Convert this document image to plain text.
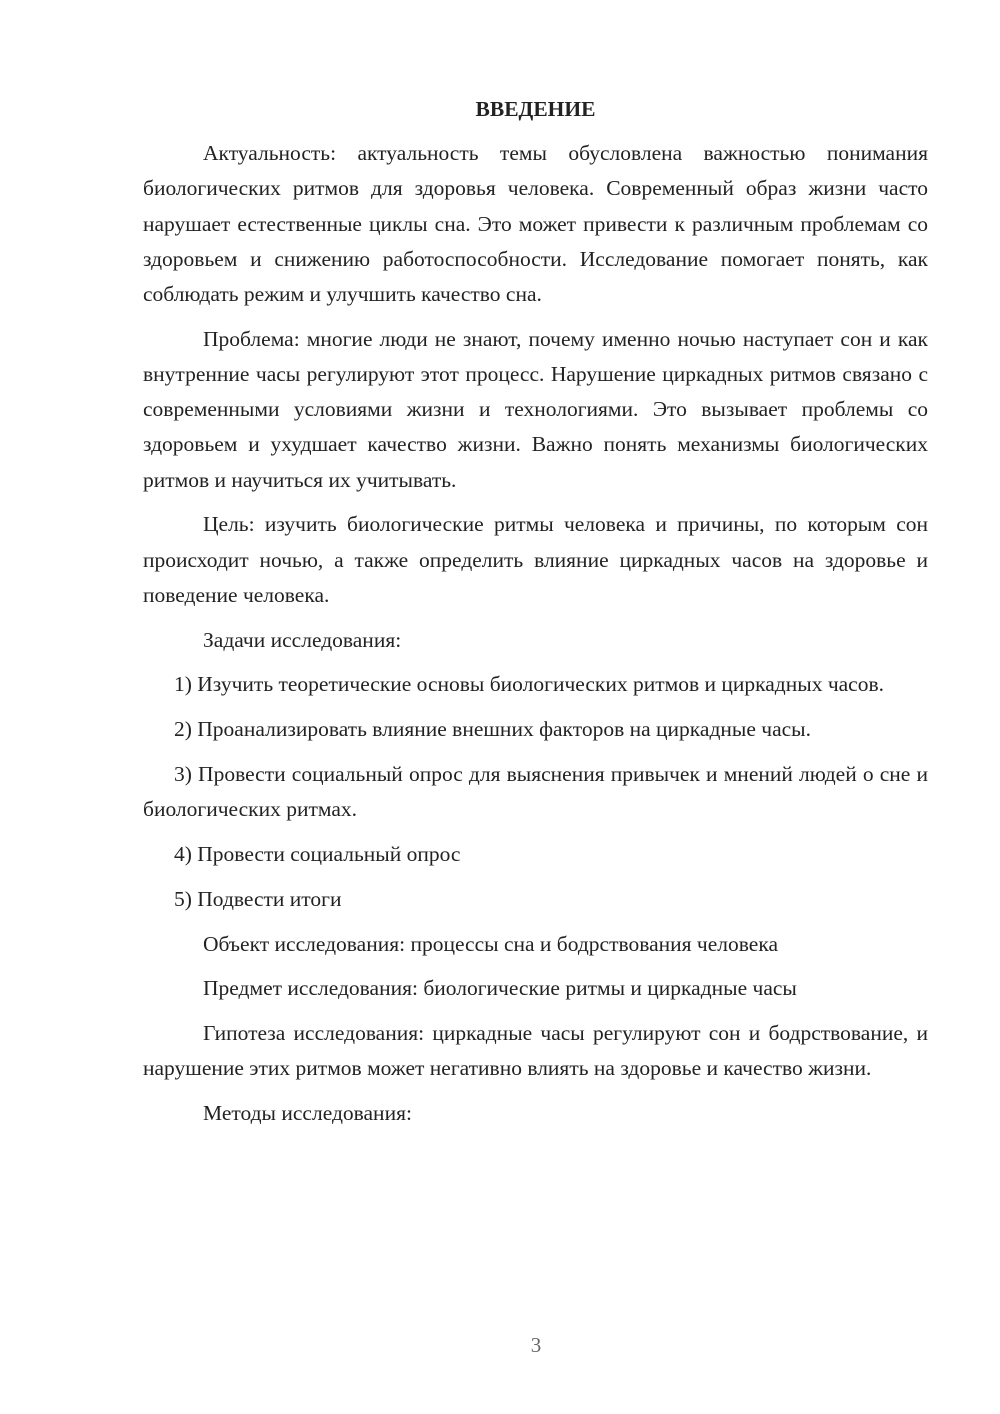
ВВЕДЕНИЕ

Актуальность: актуальность темы обусловлена важностью понимания биологических ритмов для здоровья человека. Современный образ жизни часто нарушает естественные циклы сна. Это может привести к различным проблемам со здоровьем и снижению работоспособности. Исследование помогает понять, как соблюдать режим и улучшить качество сна.

Проблема: многие люди не знают, почему именно ночью наступает сон и как внутренние часы регулируют этот процесс. Нарушение циркадных ритмов связано с современными условиями жизни и технологиями. Это вызывает проблемы со здоровьем и ухудшает качество жизни. Важно понять механизмы биологических ритмов и научиться их учитывать.

Цель: изучить биологические ритмы человека и причины, по которым сон происходит ночью, а также определить влияние циркадных часов на здоровье и поведение человека.

Задачи исследования:

1) Изучить теоретические основы биологических ритмов и циркадных часов.

2) Проанализировать влияние внешних факторов на циркадные часы.

3) Провести социальный опрос для выяснения привычек и мнений людей о сне и биологических ритмах.

4) Провести социальный опрос

5) Подвести итоги

Объект исследования: процессы сна и бодрствования человека

Предмет исследования: биологические ритмы и циркадные часы

Гипотеза исследования: циркадные часы регулируют сон и бодрствование, и нарушение этих ритмов может негативно влиять на здоровье и качество жизни.

Методы исследования:

3
